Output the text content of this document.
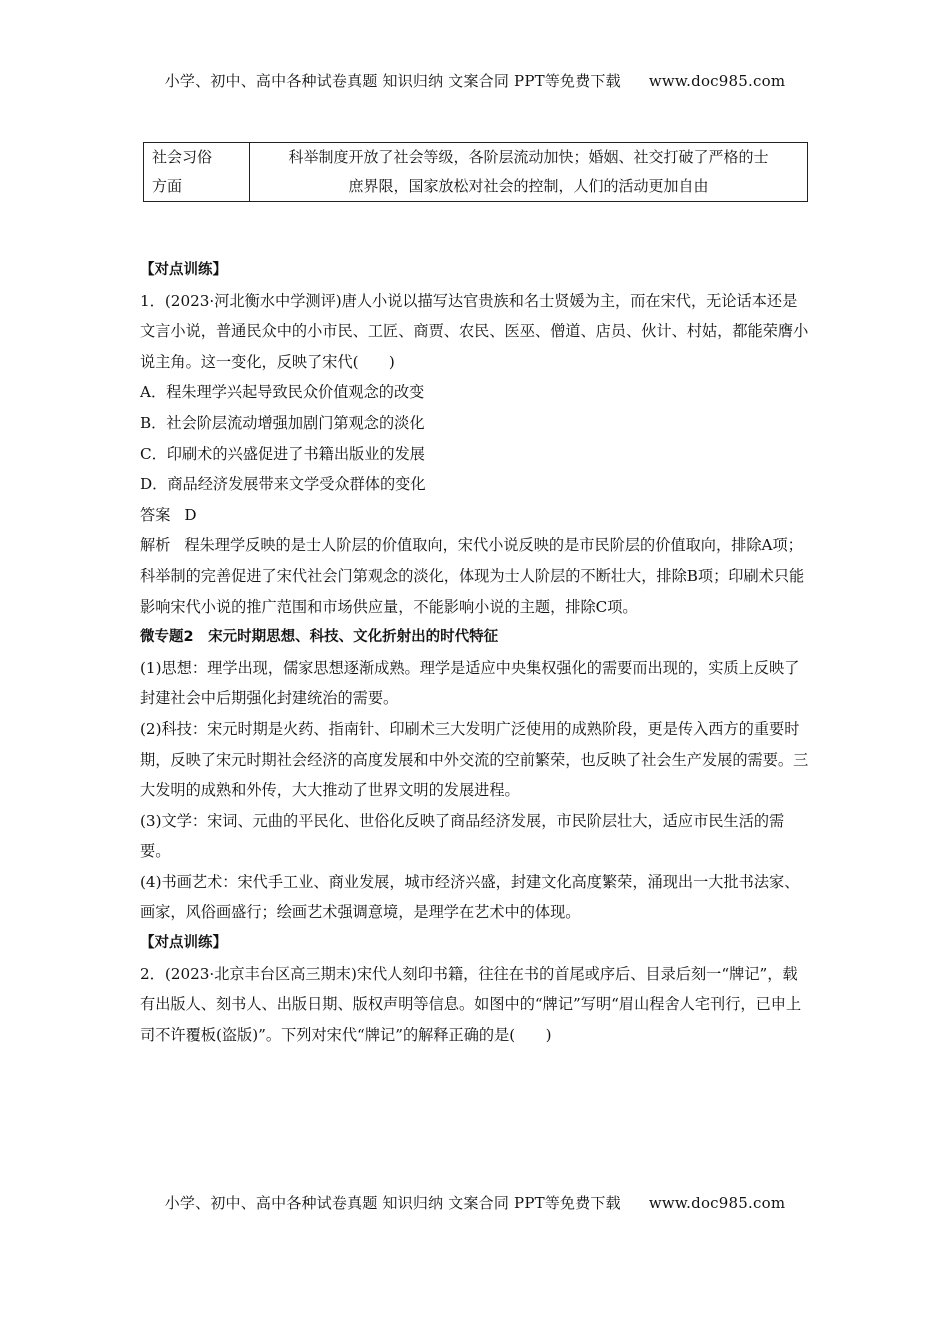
小学、初中、高中各种试卷真题 知识归纳 文案合同 PPT等免费下载 www.doc985.com
社会习俗
方面

科举制度开放了社会等级，各阶层流动加快；婚姻、社交打破了严格的士
庶界限，国家放松对社会的控制，人们的活动更加自由

【对点训练】

1．(2023·河北衡水中学测评)唐人小说以描写达官贵族和名士贤媛为主，而在宋代，无论话本还是文言小说，普通民众中的小市民、工匠、商贾、农民、医巫、僧道、店员、伙计、村姑，都能荣膺小说主角。这一变化，反映了宋代(　　)

A．程朱理学兴起导致民众价值观念的改变
B．社会阶层流动增强加剧门第观念的淡化
C．印刷术的兴盛促进了书籍出版业的发展
D．商品经济发展带来文学受众群体的变化

答案 D

解析 程朱理学反映的是士人阶层的价值取向，宋代小说反映的是市民阶层的价值取向，排除A项；科举制的完善促进了宋代社会门第观念的淡化，体现为士人阶层的不断壮大，排除B项；印刷术只能影响宋代小说的推广范围和市场供应量，不能影响小说的主题，排除C项。

微专题2　宋元时期思想、科技、文化折射出的时代特征

(1)思想：理学出现，儒家思想逐渐成熟。理学是适应中央集权强化的需要而出现的，实质上反映了封建社会中后期强化封建统治的需要。

(2)科技：宋元时期是火药、指南针、印刷术三大发明广泛使用的成熟阶段，更是传入西方的重要时期，反映了宋元时期社会经济的高度发展和中外交流的空前繁荣，也反映了社会生产发展的需要。三大发明的成熟和外传，大大推动了世界文明的发展进程。

(3)文学：宋词、元曲的平民化、世俗化反映了商品经济发展，市民阶层壮大，适应市民生活的需要。

(4)书画艺术：宋代手工业、商业发展，城市经济兴盛，封建文化高度繁荣，涌现出一大批书法家、画家，风俗画盛行；绘画艺术强调意境，是理学在艺术中的体现。

【对点训练】

2．(2023·北京丰台区高三期末)宋代人刻印书籍，往往在书的首尾或序后、目录后刻一“牌记”，载有出版人、刻书人、出版日期、版权声明等信息。如图中的“牌记”写明“眉山程舍人宅刊行，已申上司不许覆板(盗版)”。下列对宋代“牌记”的解释正确的是(　　)

小学、初中、高中各种试卷真题 知识归纳 文案合同 PPT等免费下载 www.doc985.com
